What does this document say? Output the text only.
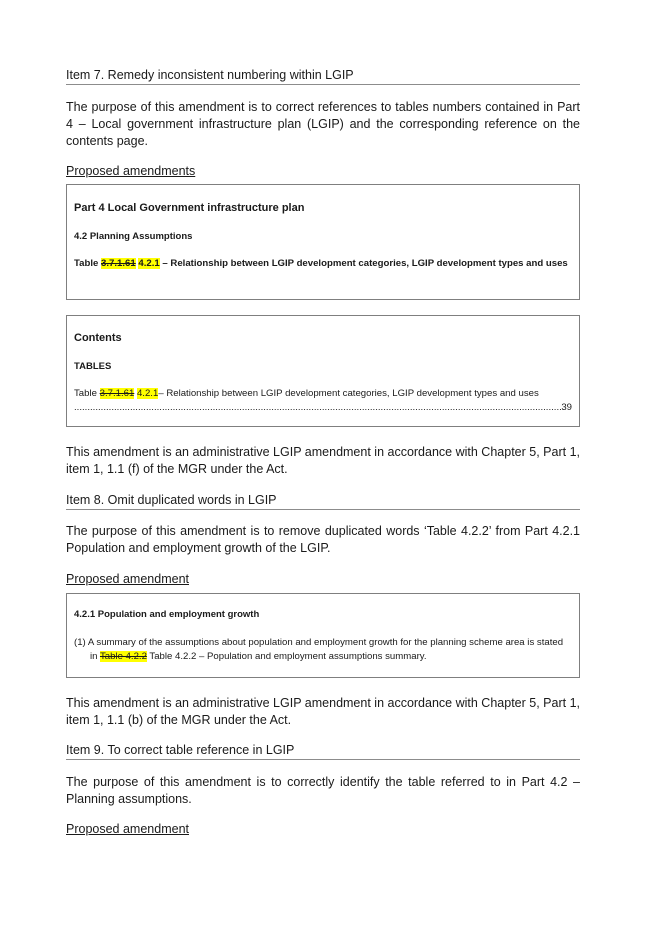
Item 7. Remedy inconsistent numbering within LGIP

The purpose of this amendment is to correct references to tables numbers contained in Part 4 – Local government infrastructure plan (LGIP) and the corresponding reference on the contents page.

Proposed amendments
Part 4 Local Government infrastructure plan
4.2 Planning Assumptions
Table 3.7.1.61 4.2.1 – Relationship between LGIP development categories, LGIP development types and uses
Contents
TABLES
Table 3.7.1.61 4.2.1– Relationship between LGIP development categories, LGIP development types and uses
.....
39

This amendment is an administrative LGIP amendment in accordance with Chapter 5, Part 1, item 1, 1.1 (f) of the MGR under the Act.

Item 8. Omit duplicated words in LGIP

The purpose of this amendment is to remove duplicated words ‘Table 4.2.2’ from Part 4.2.1 Population and employment growth of the LGIP.

Proposed amendment
4.2.1 Population and employment growth
(1) A summary of the assumptions about population and employment growth for the planning scheme area is stated in Table 4.2.2 Table 4.2.2 – Population and employment assumptions summary.

This amendment is an administrative LGIP amendment in accordance with Chapter 5, Part 1, item 1, 1.1 (b) of the MGR under the Act.

Item 9. To correct table reference in LGIP

The purpose of this amendment is to correctly identify the table referred to in Part 4.2 – Planning assumptions.

Proposed amendment
